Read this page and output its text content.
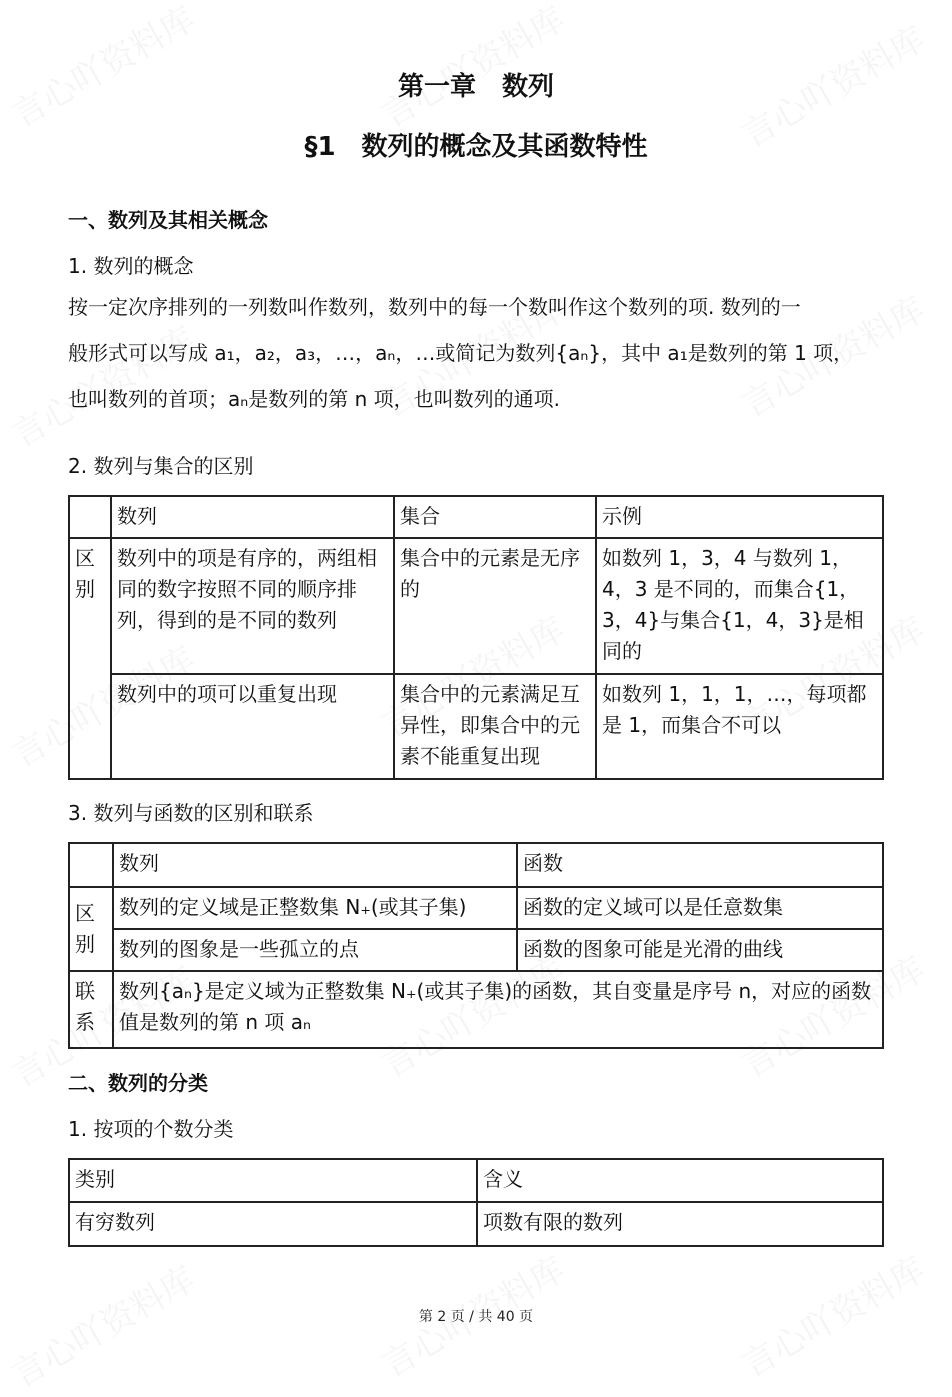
第一章　数列
§1　数列的概念及其函数特性
一、数列及其相关概念
1. 数列的概念
按一定次序排列的一列数叫作数列，数列中的每一个数叫作这个数列的项. 数列的一
般形式可以写成 a₁，a₂，a₃，…，aₙ，…或简记为数列{aₙ}，其中 a₁是数列的第 1 项，
也叫数列的首项；aₙ是数列的第 n 项，也叫数列的通项.
2. 数列与集合的区别
	数列	集合	示例
区别	数列中的项是有序的，两组相同的数字按照不同的顺序排列，得到的是不同的数列	集合中的元素是无序的	如数列 1，3，4 与数列 1，4，3 是不同的，而集合{1，3，4}与集合{1，4，3}是相同的
	数列中的项可以重复出现	集合中的元素满足互异性，即集合中的元素不能重复出现	如数列 1，1，1，…，每项都是 1，而集合不可以
3. 数列与函数的区别和联系
	数列	函数
区别	数列的定义域是正整数集 N₊(或其子集)	函数的定义域可以是任意数集
	数列的图象是一些孤立的点	函数的图象可能是光滑的曲线
联系	数列{aₙ}是定义域为正整数集 N₊(或其子集)的函数，其自变量是序号 n，对应的函数值是数列的第 n 项 aₙ	
二、数列的分类
1. 按项的个数分类
类别	含义
有穷数列	项数有限的数列
第 2 页 / 共 40 页
